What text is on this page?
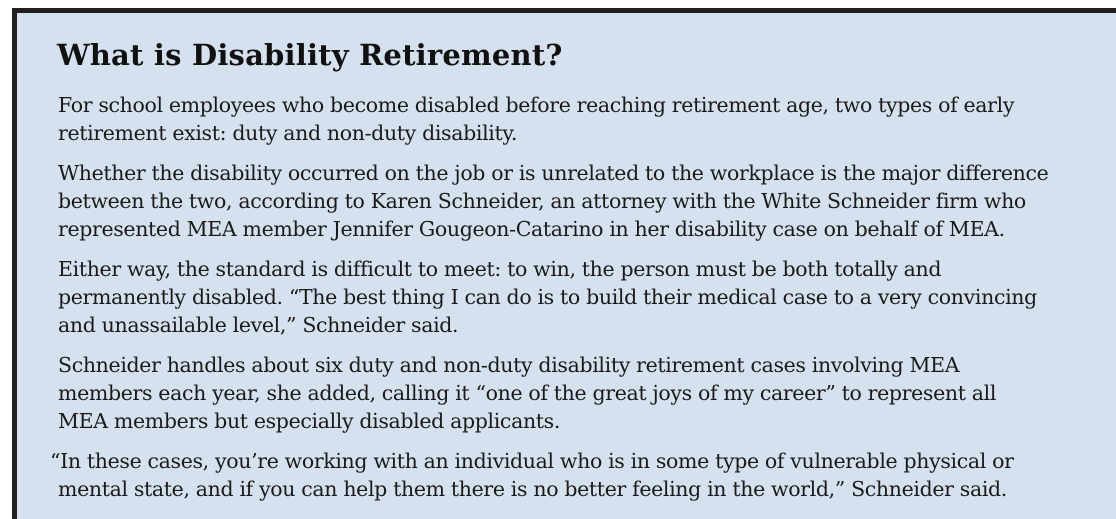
What is Disability Retirement?

For school employees who become disabled before reaching retirement age, two types of early
retirement exist: duty and non-duty disability.

Whether the disability occurred on the job or is unrelated to the workplace is the major difference
between the two, according to Karen Schneider, an attorney with the White Schneider firm who
represented MEA member Jennifer Gougeon-Catarino in her disability case on behalf of MEA.

Either way, the standard is difficult to meet: to win, the person must be both totally and
permanently disabled. “The best thing I can do is to build their medical case to a very convincing
and unassailable level,” Schneider said.

Schneider handles about six duty and non-duty disability retirement cases involving MEA
members each year, she added, calling it “one of the great joys of my career” to represent all
MEA members but especially disabled applicants.

“In these cases, you’re working with an individual who is in some type of vulnerable physical or
mental state, and if you can help them there is no better feeling in the world,” Schneider said.
